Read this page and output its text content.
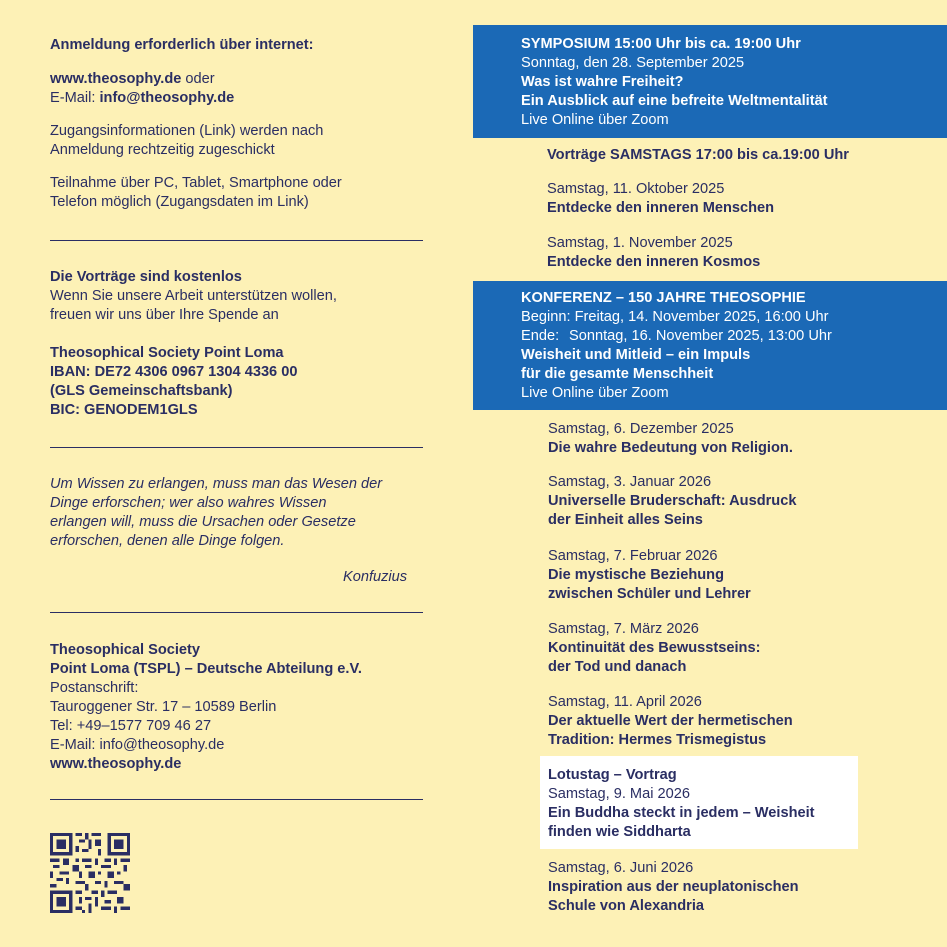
Anmeldung erforderlich über internet:
www.theosophy.de oder
E-Mail: info@theosophy.de
Zugangsinformationen (Link) werden nach
Anmeldung rechtzeitig zugeschickt
Teilnahme über PC, Tablet, Smartphone oder
Telefon möglich (Zugangsdaten im Link)
Die Vorträge sind kostenlos
Wenn Sie unsere Arbeit unterstützen wollen,
freuen wir uns über Ihre Spende an
Theosophical Society Point Loma
IBAN: DE72 4306 0967 1304 4336 00
(GLS Gemeinschaftsbank)
BIC: GENODEM1GLS
Um Wissen zu erlangen, muss man das Wesen der
Dinge erforschen; wer also wahres Wissen
erlangen will, muss die Ursachen oder Gesetze
erforschen, denen alle Dinge folgen.
Konfuzius
Theosophical Society
Point Loma (TSPL) – Deutsche Abteilung e.V.
Postanschrift:
Tauroggener Str. 17 – 10589 Berlin
Tel: +49–1577 709 46 27
E-Mail: info@theosophy.de
www.theosophy.de
SYMPOSIUM 15:00 Uhr bis ca. 19:00 Uhr
Sonntag, den 28. September 2025
Was ist wahre Freiheit?
Ein Ausblick auf eine befreite Weltmentalität
Live Online über Zoom
Vorträge SAMSTAGS 17:00 bis ca.19:00 Uhr
Samstag, 11. Oktober 2025
Entdecke den inneren Menschen
Samstag, 1. November 2025
Entdecke den inneren Kosmos
KONFERENZ – 150 JAHRE THEOSOPHIE
Beginn: Freitag, 14. November 2025, 16:00 Uhr
Ende: Sonntag, 16. November 2025, 13:00 Uhr
Weisheit und Mitleid – ein Impuls
für die gesamte Menschheit
Live Online über Zoom
Samstag, 6. Dezember 2025
Die wahre Bedeutung von Religion.
Samstag, 3. Januar 2026
Universelle Bruderschaft: Ausdruck
der Einheit alles Seins
Samstag, 7. Februar 2026
Die mystische Beziehung
zwischen Schüler und Lehrer
Samstag, 7. März 2026
Kontinuität des Bewusstseins:
der Tod und danach
Samstag, 11. April 2026
Der aktuelle Wert der hermetischen
Tradition: Hermes Trismegistus
Lotustag – Vortrag
Samstag, 9. Mai 2026
Ein Buddha steckt in jedem – Weisheit
finden wie Siddharta
Samstag, 6. Juni 2026
Inspiration aus der neuplatonischen
Schule von Alexandria
